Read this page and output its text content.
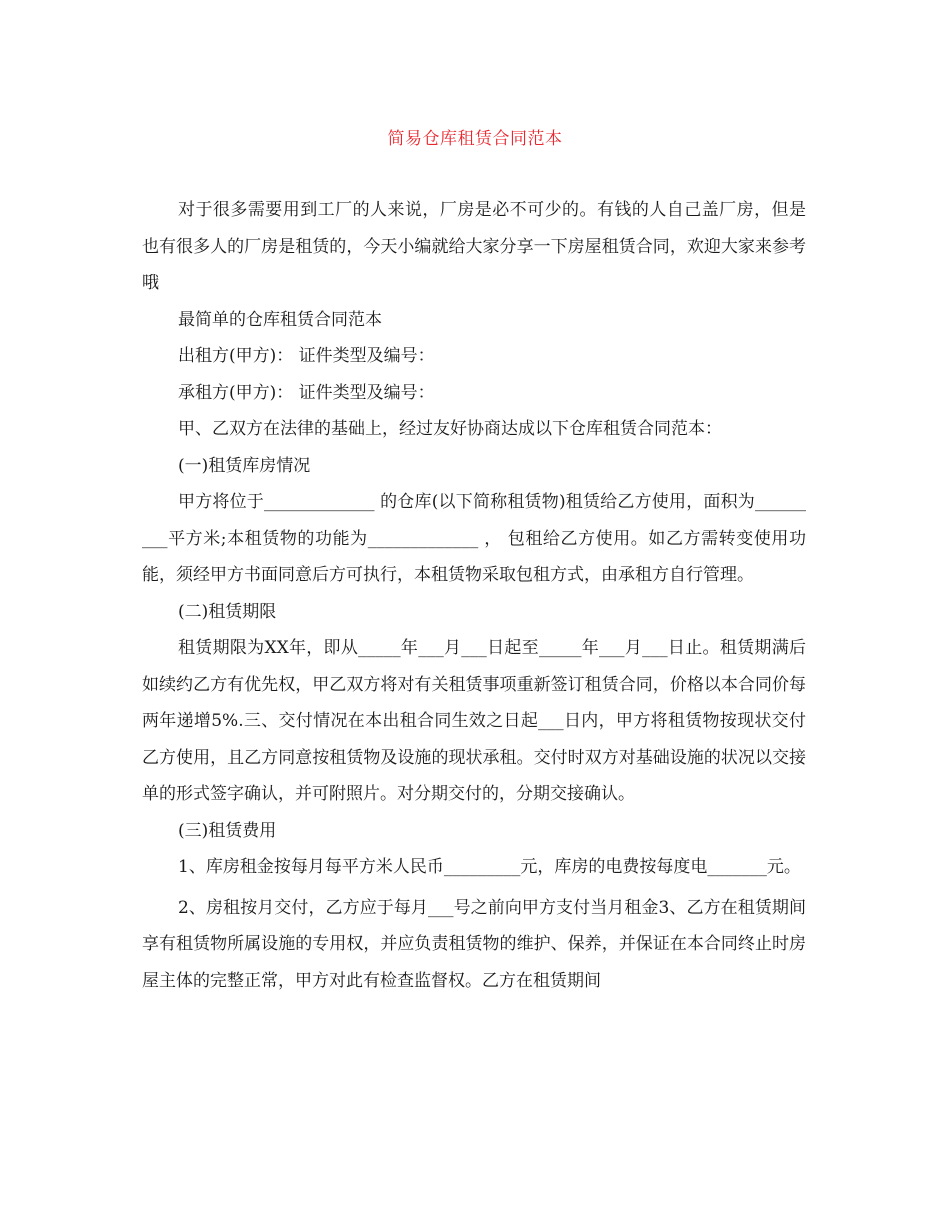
简易仓库租赁合同范本

对于很多需要用到工厂的人来说，厂房是必不可少的。有钱的人自己盖厂房，但是也有很多人的厂房是租赁的，今天小编就给大家分享一下房屋租赁合同，欢迎大家来参考哦

最简单的仓库租赁合同范本

出租方(甲方)： 证件类型及编号：

承租方(甲方)： 证件类型及编号：

甲、乙双方在法律的基础上，经过友好协商达成以下仓库租赁合同范本：

(一)租赁库房情况

甲方将位于_____________ 的仓库(以下简称租赁物)租赁给乙方使用，面积为_________平方米;本租赁物的功能为_____________ ， 包租给乙方使用。如乙方需转变使用功能，须经甲方书面同意后方可执行，本租赁物采取包租方式，由承租方自行管理。

(二)租赁期限

租赁期限为XX年，即从_____年___月___日起至_____年___月___日止。租赁期满后如续约乙方有优先权，甲乙双方将对有关租赁事项重新签订租赁合同，价格以本合同价每两年递增5%.三、交付情况在本出租合同生效之日起___日内，甲方将租赁物按现状交付乙方使用，且乙方同意按租赁物及设施的现状承租。交付时双方对基础设施的状况以交接单的形式签字确认，并可附照片。对分期交付的，分期交接确认。

(三)租赁费用

1、库房租金按每月每平方米人民币_________元，库房的电费按每度电_______元。

2、房租按月交付，乙方应于每月___号之前向甲方支付当月租金3、乙方在租赁期间享有租赁物所属设施的专用权，并应负责租赁物的维护、保养，并保证在本合同终止时房屋主体的完整正常，甲方对此有检查监督权。乙方在租赁期间
